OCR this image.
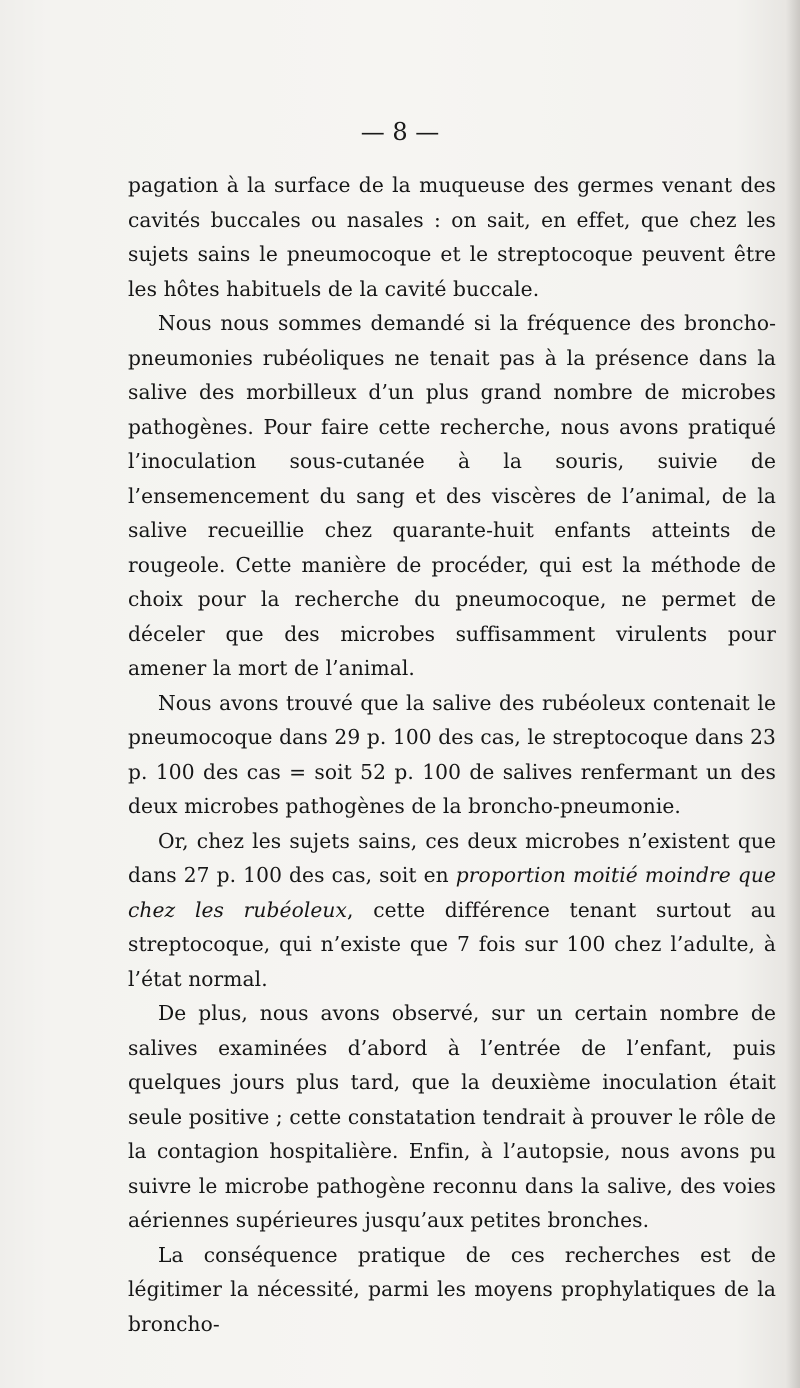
— 8 —

pagation à la surface de la muqueuse des germes venant des cavités buccales ou nasales : on sait, en effet, que chez les sujets sains le pneumocoque et le streptocoque peuvent être les hôtes habituels de la cavité buccale.

Nous nous sommes demandé si la fréquence des broncho-pneumonies rubéoliques ne tenait pas à la présence dans la salive des morbilleux d’un plus grand nombre de microbes pathogènes. Pour faire cette recherche, nous avons pratiqué l’inoculation sous-cutanée à la souris, suivie de l’ensemencement du sang et des viscères de l’animal, de la salive recueillie chez quarante-huit enfants atteints de rougeole. Cette manière de procéder, qui est la méthode de choix pour la recherche du pneumocoque, ne permet de déceler que des microbes suffisamment virulents pour amener la mort de l’animal.

Nous avons trouvé que la salive des rubéoleux contenait le pneumocoque dans 29 p. 100 des cas, le streptocoque dans 23 p. 100 des cas = soit 52 p. 100 de salives renfermant un des deux microbes pathogènes de la broncho-pneumonie.

Or, chez les sujets sains, ces deux microbes n’existent que dans 27 p. 100 des cas, soit en proportion moitié moindre que chez les rubéoleux, cette différence tenant surtout au streptocoque, qui n’existe que 7 fois sur 100 chez l’adulte, à l’état normal.

De plus, nous avons observé, sur un certain nombre de salives examinées d’abord à l’entrée de l’enfant, puis quelques jours plus tard, que la deuxième inoculation était seule positive ; cette constatation tendrait à prouver le rôle de la contagion hospitalière. Enfin, à l’autopsie, nous avons pu suivre le microbe pathogène reconnu dans la salive, des voies aériennes supérieures jusqu’aux petites bronches.

La conséquence pratique de ces recherches est de légitimer la nécessité, parmi les moyens prophylatiques de la broncho-
